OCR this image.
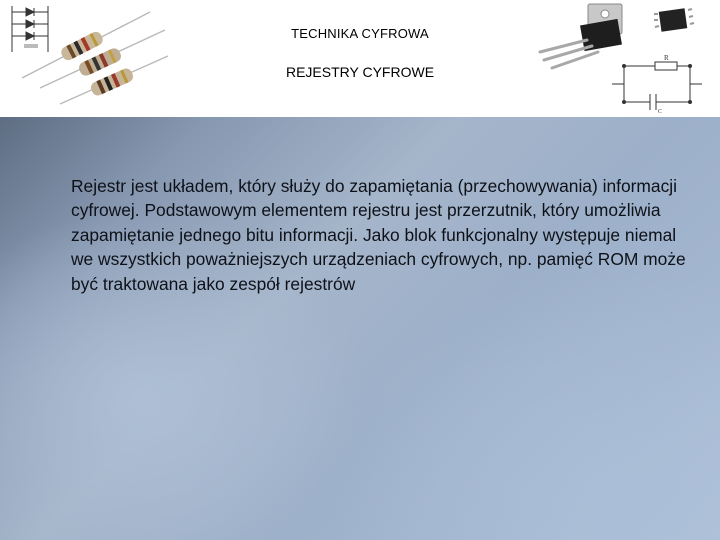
TECHNIKA CYFROWA
REJESTRY CYFROWE
R
C

Rejestr jest układem, który służy do zapamiętania (przechowywania) informacji cyfrowej. Podstawowym elementem rejestru jest przerzutnik, który umożliwia zapamiętanie jednego bitu informacji. Jako blok funkcjonalny występuje niemal we wszystkich poważniejszych urządzeniach cyfrowych, np. pamięć ROM może być traktowana jako zespół rejestrów
